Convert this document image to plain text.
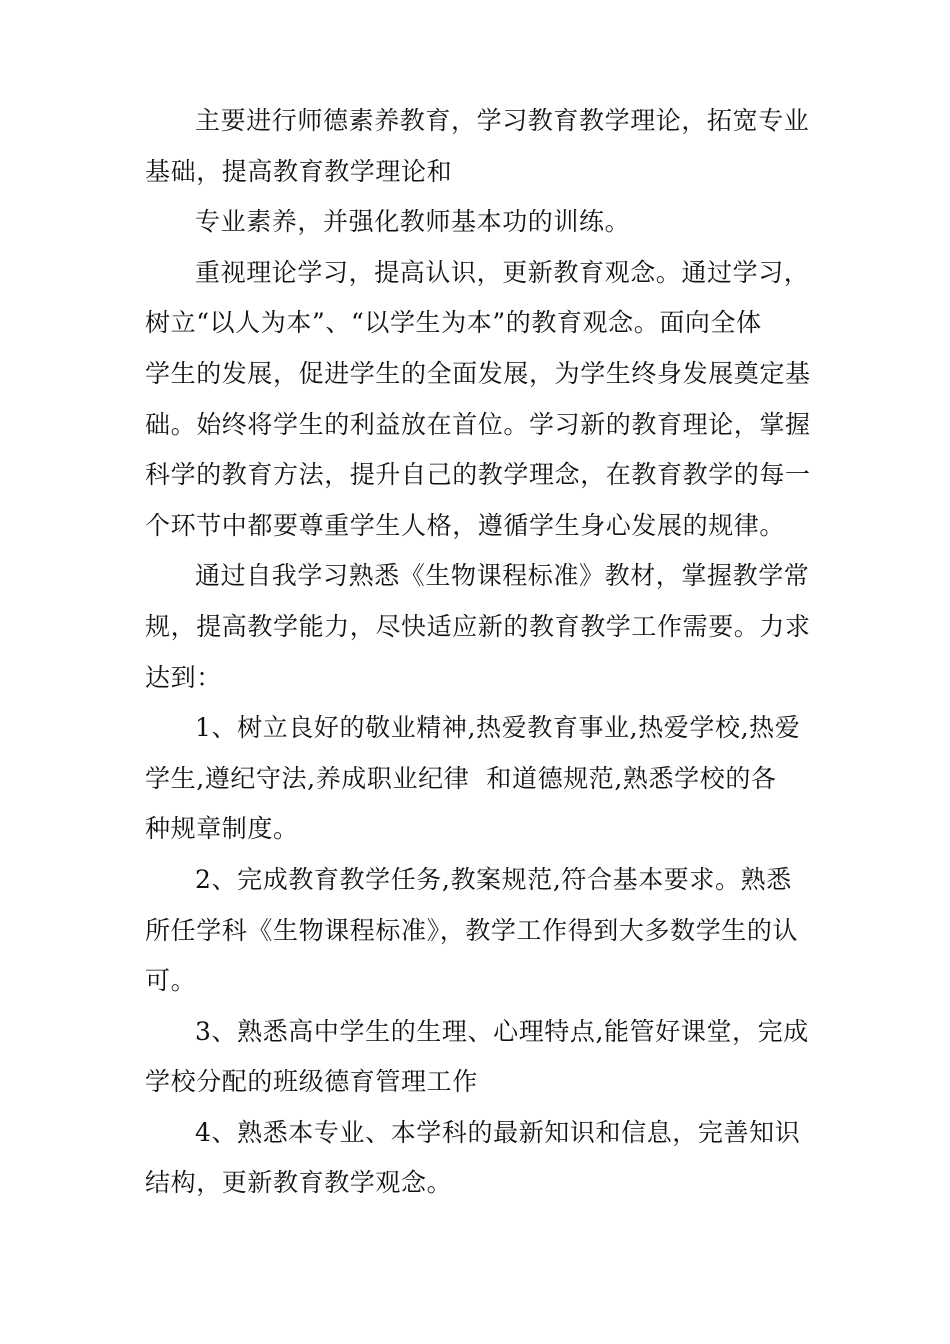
主要进行师德素养教育，学习教育教学理论，拓宽专业
基础，提高教育教学理论和
专业素养，并强化教师基本功的训练。
重视理论学习，提高认识，更新教育观念。通过学习，
树立“以人为本”、“以学生为本”的教育观念。面向全体
学生的发展，促进学生的全面发展，为学生终身发展奠定基
础。始终将学生的利益放在首位。学习新的教育理论，掌握
科学的教育方法，提升自己的教学理念，在教育教学的每一
个环节中都要尊重学生人格，遵循学生身心发展的规律。
通过自我学习熟悉《生物课程标准》教材，掌握教学常
规，提高教学能力，尽快适应新的教育教学工作需要。力求
达到：
1、树立良好的敬业精神,热爱教育事业,热爱学校,热爱
学生,遵纪守法,养成职业纪律  和道德规范,熟悉学校的各
种规章制度。
2、完成教育教学任务,教案规范,符合基本要求。熟悉
所任学科《生物课程标准》，教学工作得到大多数学生的认
可。
3、熟悉高中学生的生理、心理特点,能管好课堂，完成
学校分配的班级德育管理工作
4、熟悉本专业、本学科的最新知识和信息，完善知识
结构，更新教育教学观念。
